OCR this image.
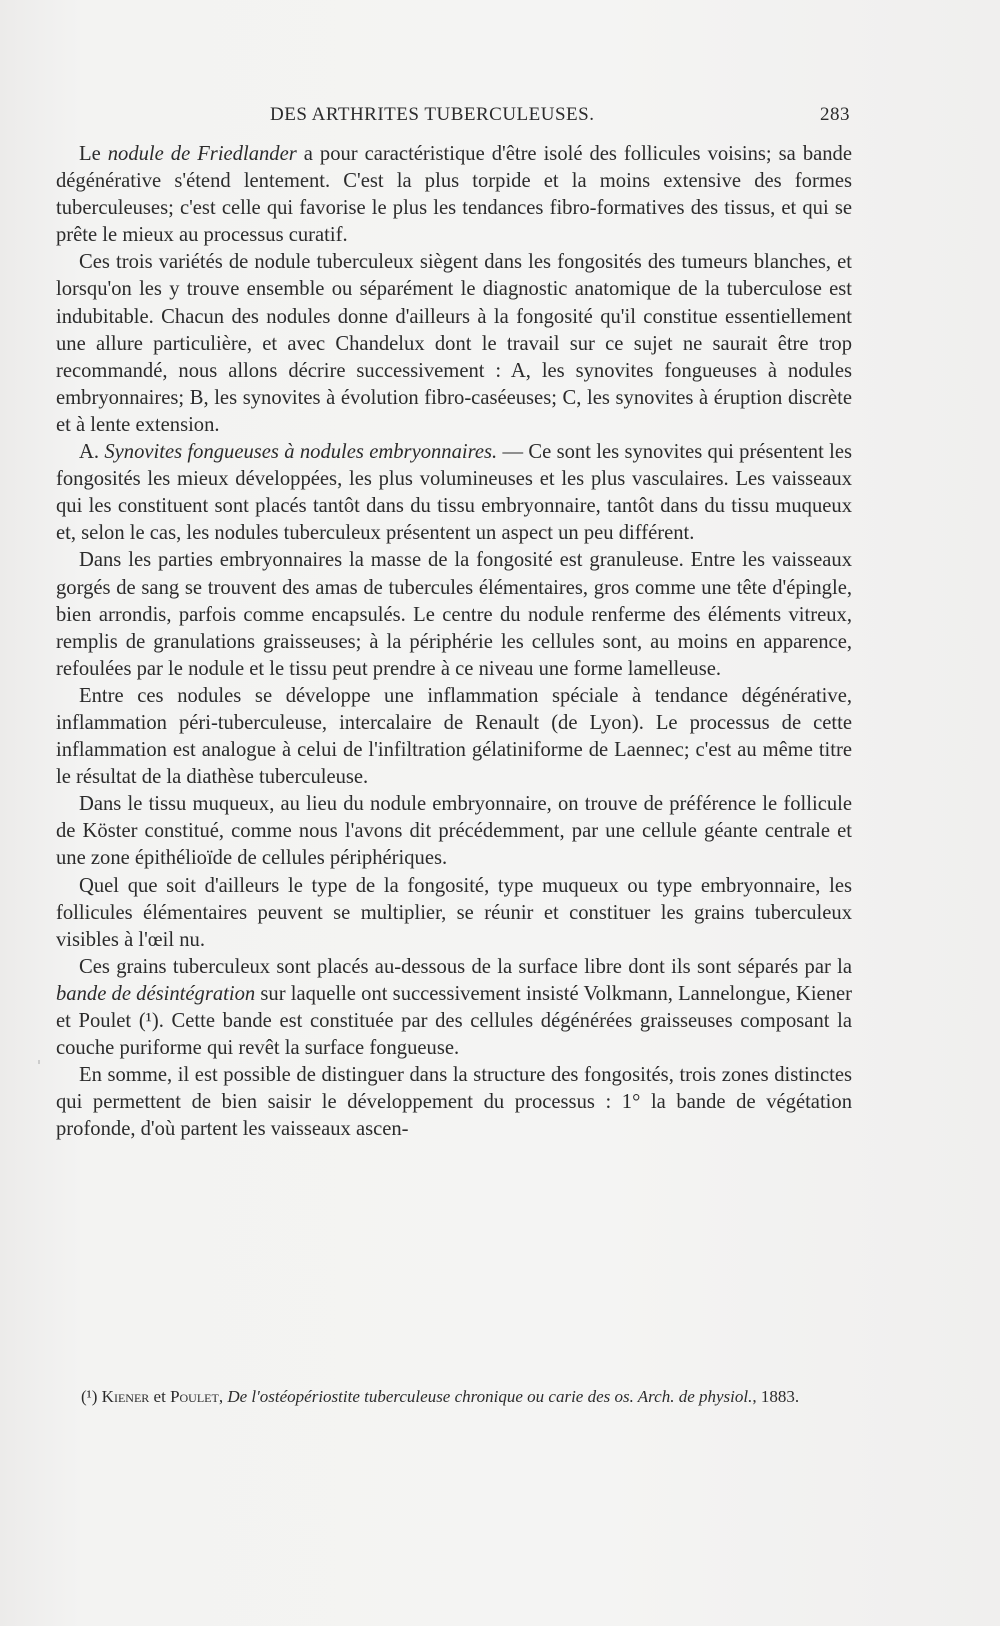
DES ARTHRITES TUBERCULEUSES.	283

Le nodule de Friedlander a pour caractéristique d'être isolé des follicules voisins; sa bande dégénérative s'étend lentement. C'est la plus torpide et la moins extensive des formes tuberculeuses; c'est celle qui favorise le plus les tendances fibro-formatives des tissus, et qui se prête le mieux au processus curatif.

Ces trois variétés de nodule tuberculeux siègent dans les fongosités des tumeurs blanches, et lorsqu'on les y trouve ensemble ou séparément le diagnostic anatomique de la tuberculose est indubitable. Chacun des nodules donne d'ailleurs à la fongosité qu'il constitue essentiellement une allure particulière, et avec Chandelux dont le travail sur ce sujet ne saurait être trop recommandé, nous allons décrire successivement : A, les synovites fongueuses à nodules embryonnaires; B, les synovites à évolution fibro-caséeuses; C, les synovites à éruption discrète et à lente extension.

A. Synovites fongueuses à nodules embryonnaires. — Ce sont les synovites qui présentent les fongosités les mieux développées, les plus volumineuses et les plus vasculaires. Les vaisseaux qui les constituent sont placés tantôt dans du tissu embryonnaire, tantôt dans du tissu muqueux et, selon le cas, les nodules tuberculeux présentent un aspect un peu différent.

Dans les parties embryonnaires la masse de la fongosité est granuleuse. Entre les vaisseaux gorgés de sang se trouvent des amas de tubercules élémentaires, gros comme une tête d'épingle, bien arrondis, parfois comme encapsulés. Le centre du nodule renferme des éléments vitreux, remplis de granulations graisseuses; à la périphérie les cellules sont, au moins en apparence, refoulées par le nodule et le tissu peut prendre à ce niveau une forme lamelleuse.

Entre ces nodules se développe une inflammation spéciale à tendance dégénérative, inflammation péri-tuberculeuse, intercalaire de Renault (de Lyon). Le processus de cette inflammation est analogue à celui de l'infiltration gélatiniforme de Laennec; c'est au même titre le résultat de la diathèse tuberculeuse.

Dans le tissu muqueux, au lieu du nodule embryonnaire, on trouve de préférence le follicule de Köster constitué, comme nous l'avons dit précédemment, par une cellule géante centrale et une zone épithélioïde de cellules périphériques.

Quel que soit d'ailleurs le type de la fongosité, type muqueux ou type embryonnaire, les follicules élémentaires peuvent se multiplier, se réunir et constituer les grains tuberculeux visibles à l'œil nu.

Ces grains tuberculeux sont placés au-dessous de la surface libre dont ils sont séparés par la bande de désintégration sur laquelle ont successivement insisté Volkmann, Lannelongue, Kiener et Poulet (¹). Cette bande est constituée par des cellules dégénérées graisseuses composant la couche puriforme qui revêt la surface fongueuse.

En somme, il est possible de distinguer dans la structure des fongosités, trois zones distinctes qui permettent de bien saisir le développement du processus : 1° la bande de végétation profonde, d'où partent les vaisseaux ascen-

(¹) Kiener et Poulet, De l'ostéopériostite tuberculeuse chronique ou carie des os. Arch. de physiol., 1883.
